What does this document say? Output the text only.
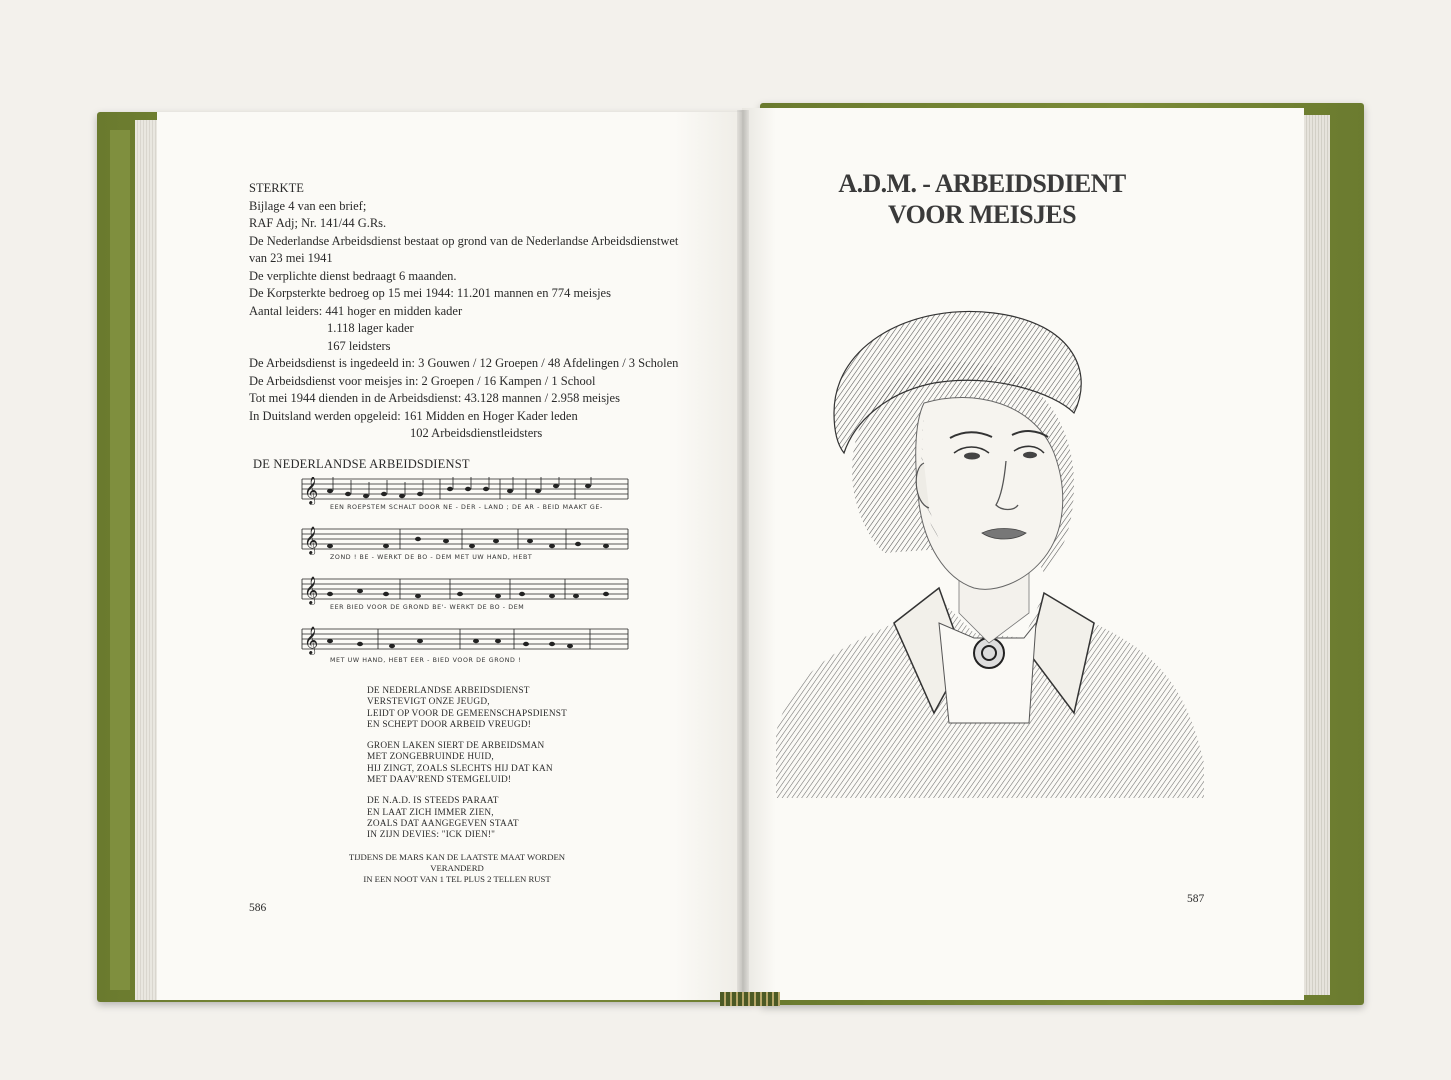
STERKTE
Bijlage 4 van een brief;
RAF Adj; Nr. 141/44 G.Rs.
De Nederlandse Arbeidsdienst bestaat op grond van de Nederlandse Arbeidsdienstwet
van 23 mei 1941
De verplichte dienst bedraagt 6 maanden.
De Korpsterkte bedroeg op 15 mei 1944: 11.201 mannen en 774 meisjes
Aantal leiders: 441 hoger en midden kader
1.118 lager kader
167 leidsters
De Arbeidsdienst is ingedeeld in: 3 Gouwen / 12 Groepen / 48 Afdelingen / 3 Scholen
De Arbeidsdienst voor meisjes in: 2 Groepen / 16 Kampen / 1 School
Tot mei 1944 dienden in de Arbeidsdienst: 43.128 mannen / 2.958 meisjes
In Duitsland werden opgeleid: 161 Midden en Hoger Kader leden
102 Arbeidsdienstleidsters
DE NEDERLANDSE ARBEIDSDIENST
𝄞
𝄞
𝄞
𝄞
EEN ROEPSTEM SCHALT DOOR NE - DER - LAND ; DE AR - BEID MAAKT GE-
ZOND ! BE - WERKT DE BO - DEM MET UW HAND, HEBT
EER BIED VOOR DE GROND BE'- WERKT DE BO - DEM
MET UW HAND, HEBT EER - BIED VOOR DE GROND !
DE NEDERLANDSE ARBEIDSDIENST
VERSTEVIGT ONZE JEUGD,
LEIDT OP VOOR DE GEMEENSCHAPSDIENST
EN SCHEPT DOOR ARBEID VREUGD!
GROEN LAKEN SIERT DE ARBEIDSMAN
MET ZONGEBRUINDE HUID,
HIJ ZINGT, ZOALS SLECHTS HIJ DAT KAN
MET DAAV'REND STEMGELUID!
DE N.A.D. IS STEEDS PARAAT
EN LAAT ZICH IMMER ZIEN,
ZOALS DAT AANGEGEVEN STAAT
IN ZIJN DEVIES: "ICK DIEN!"
TIJDENS DE MARS KAN DE LAATSTE MAAT WORDEN VERANDERD
IN EEN NOOT VAN 1 TEL PLUS 2 TELLEN RUST
586
A.D.M. - ARBEIDSDIENT
VOOR MEISJES
587
